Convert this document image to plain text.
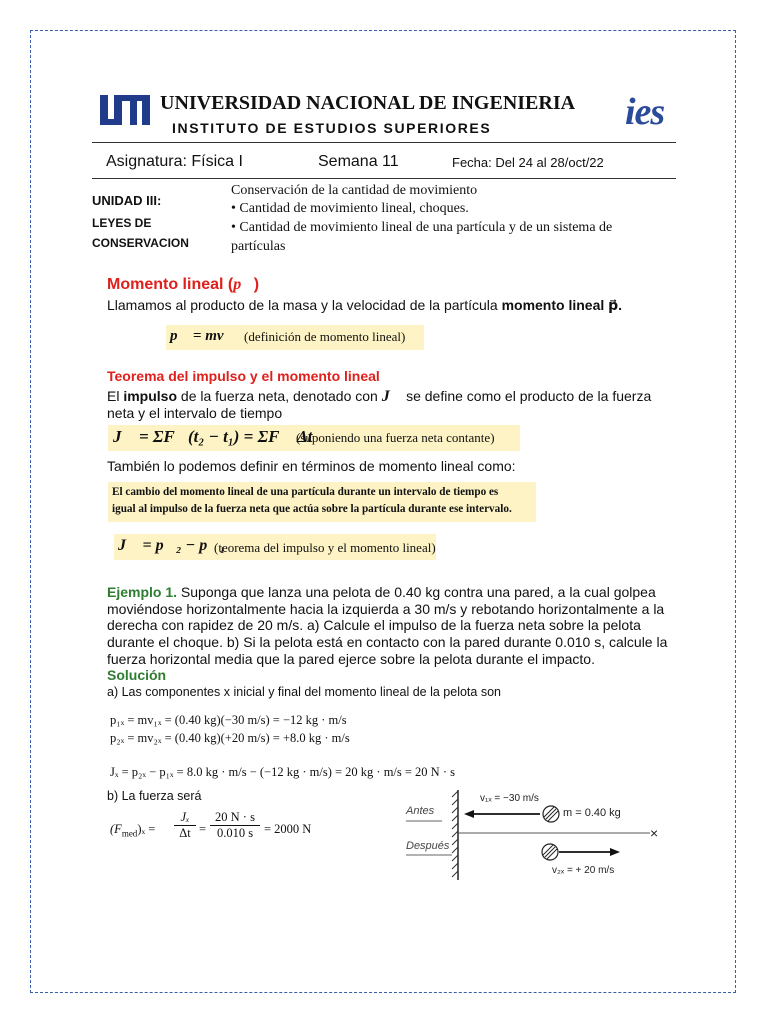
UNIVERSIDAD NACIONAL DE INGENIERIA
INSTITUTO DE ESTUDIOS SUPERIORES	ies
Asignatura: Física I	Semana 11	Fecha: Del 24 al 28/oct/22
UNIDAD III:
LEYES DE
CONSERVACION
Conservación de la cantidad de movimiento
• Cantidad de movimiento lineal, choques.
• Cantidad de movimiento lineal de una partícula y de un sistema de
partículas
Momento lineal (p⃗)
Llamamos al producto de la masa y la velocidad de la partícula momento lineal p⃗.
p⃗ = mv⃗ (definición de momento lineal)
Teorema del impulso y el momento lineal
El impulso de la fuerza neta, denotado con J⃗ se define como el producto de la fuerza
neta y el intervalo de tiempo
J⃗ = ΣF⃗(t₂ − t₁) = ΣF⃗ Δt
(suponiendo una fuerza neta contante)
También lo podemos definir en términos de momento lineal como:
El cambio del momento lineal de una partícula durante un intervalo de tiempo es
igual al impulso de la fuerza neta que actúa sobre la partícula durante ese intervalo.
J⃗ = p⃗₂ − p⃗₁
(teorema del impulso y el momento lineal)
Ejemplo 1. Suponga que lanza una pelota de 0.40 kg contra una pared, a la cual golpea
moviéndose horizontalmente hacia la izquierda a 30 m/s y rebotando horizontalmente a la
derecha con rapidez de 20 m/s. a) Calcule el impulso de la fuerza neta sobre la pelota
durante el choque. b) Si la pelota está en contacto con la pared durante 0.010 s, calcule la
fuerza horizontal media que la pared ejerce sobre la pelota durante el impacto.
Solución
a) Las componentes x inicial y final del momento lineal de la pelota son
p₁ₓ = mv₁ₓ = (0.40 kg)(−30 m/s) = −12 kg · m/s
p₂ₓ = mv₂ₓ = (0.40 kg)(+20 m/s) = +8.0 kg · m/s
Jₓ = p₂ₓ − p₁ₓ = 8.0 kg · m/s − (−12 kg · m/s) = 20 kg · m/s = 20 N · s
b) La fuerza será
$(F_{med})_x = \frac{\text{Jₓ}}{\Delta t} = \frac{20 N \cdot s}{0.010 s} = 2000$ N
Antes
Después
v₁ₓ = −30 m/s
m = 0.40 kg
v₂ₓ = + 20 m/s
×
